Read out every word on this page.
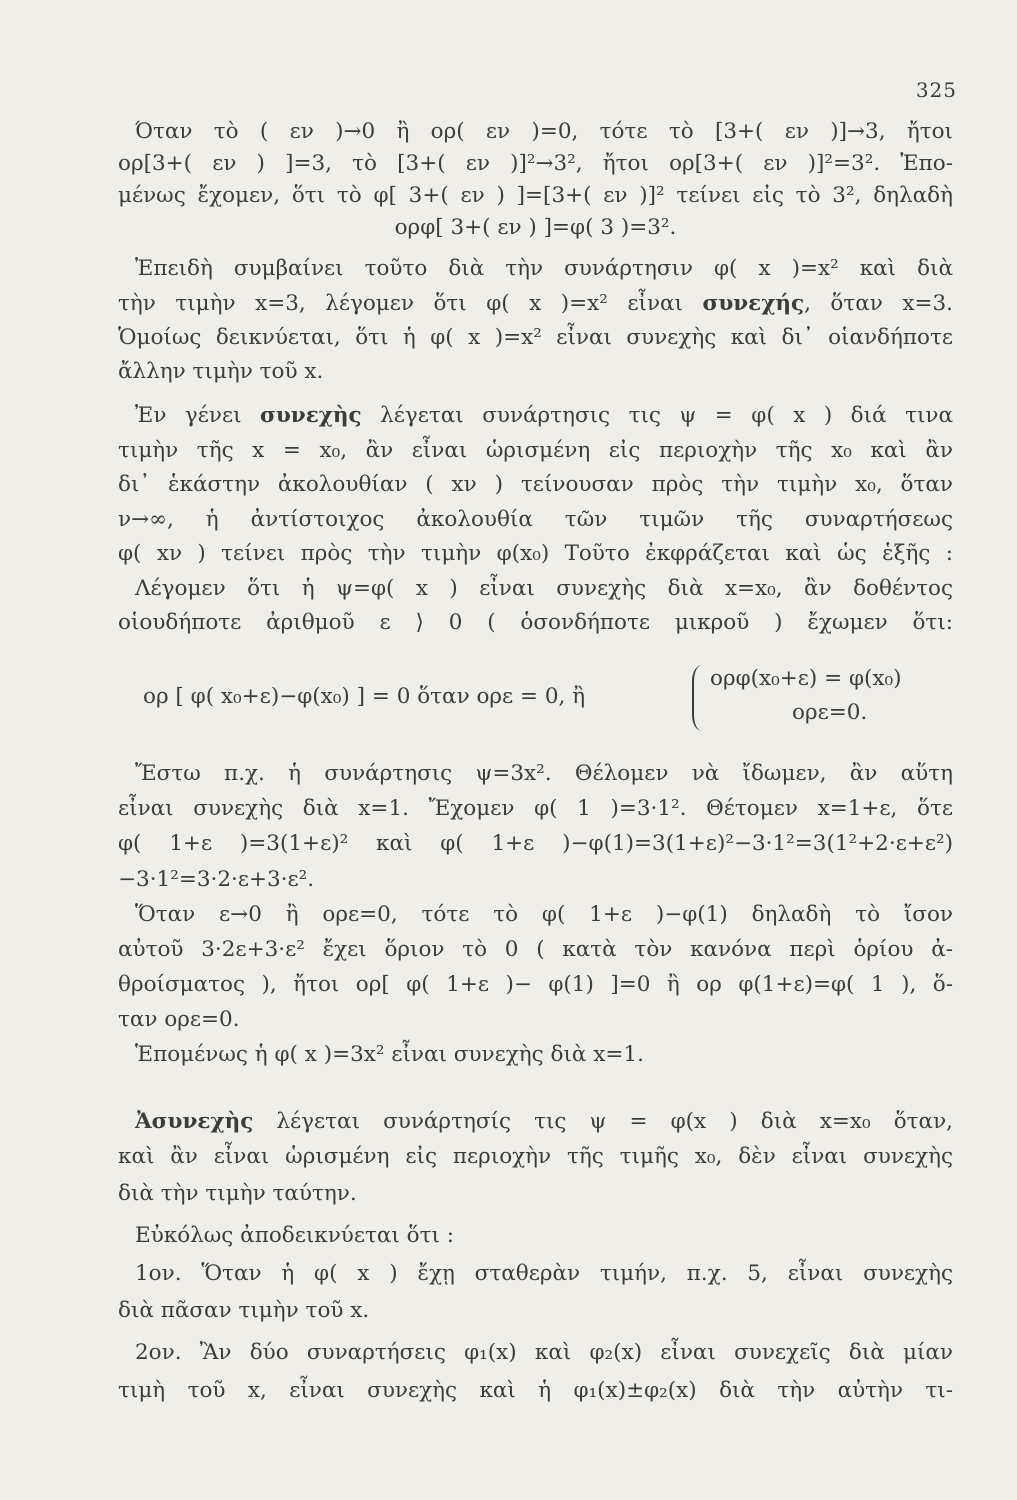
325
Όταν τὸ ( εν )→0 ἢ ορ( εν )=0, τότε τὸ [3+( εν )]→3, ἤτοι
ορ[3+( εν ) ]=3, τὸ [3+( εν )]²→3², ἤτοι ορ[3+( εν )]²=3². Ἐπο-
μένως ἔχομεν, ὅτι τὸ φ[ 3+( εν ) ]=[3+( εν )]² τείνει εἰς τὸ 3², δηλαδὴ
ορφ[ 3+( εν ) ]=φ( 3 )=3².
Ἐπειδὴ συμβαίνει τοῦτο διὰ τὴν συνάρτησιν φ( x )=x² καὶ διὰ
τὴν τιμὴν x=3, λέγομεν ὅτι φ( x )=x² εἶναι συνεχής, ὅταν x=3.
Ὁμοίως δεικνύεται, ὅτι ἡ φ( x )=x² εἶναι συνεχὴς καὶ δι᾽ οἱανδήποτε
ἄλλην τιμὴν τοῦ x.
Ἐν γένει συνεχὴς λέγεται συνάρτησις τις ψ = φ( x ) διά τινα
τιμὴν τῆς x = x₀, ἂν εἶναι ὡρισμένη εἰς περιοχὴν τῆς x₀ καὶ ἂν
δι᾽ ἑκάστην ἀκολουθίαν ( xν ) τείνουσαν πρὸς τὴν τιμὴν x₀, ὅταν
ν→∞, ἡ ἀντίστοιχος ἀκολουθία τῶν τιμῶν τῆς συναρτήσεως
φ( xν ) τείνει πρὸς τὴν τιμὴν φ(x₀) Τοῦτο ἐκφράζεται καὶ ὡς ἑξῆς :
Λέγομεν ὅτι ἡ ψ=φ( x ) εἶναι συνεχὴς διὰ x=x₀, ἂν δοθέντος
οἱουδήποτε ἀριθμοῦ ε ⟩ 0 ( ὁσονδήποτε μικροῦ ) ἔχωμεν ὅτι:
ορ [ φ( x₀+ε)−φ(x₀) ] = 0 ὅταν ορε = 0, ἢ
ορφ(x₀+ε) = φ(x₀)
ορε=0.
Ἔστω π.χ. ἡ συνάρτησις ψ=3x². Θέλομεν νὰ ἴδωμεν, ἂν αὕτη
εἶναι συνεχὴς διὰ x=1. Ἔχομεν φ( 1 )=3·1². Θέτομεν x=1+ε, ὅτε
φ( 1+ε )=3(1+ε)² καὶ φ( 1+ε )−φ(1)=3(1+ε)²−3·1²=3(1²+2·ε+ε²)
−3·1²=3·2·ε+3·ε².
Ὅταν ε→0 ἢ ορε=0, τότε τὸ φ( 1+ε )−φ(1) δηλαδὴ τὸ ἴσον
αὐτοῦ 3·2ε+3·ε² ἔχει ὅριον τὸ 0 ( κατὰ τὸν κανόνα περὶ ὁρίου ἀ-
θροίσματος ), ἤτοι ορ[ φ( 1+ε )− φ(1) ]=0 ἢ ορ φ(1+ε)=φ( 1 ), ὅ-
ταν ορε=0.
Ἑπομένως ἡ φ( x )=3x² εἶναι συνεχὴς διὰ x=1.
Ἀσυνεχὴς λέγεται συνάρτησίς τις ψ = φ(x ) διὰ x=x₀ ὅταν,
καὶ ἂν εἶναι ὡρισμένη εἰς περιοχὴν τῆς τιμῆς x₀, δὲν εἶναι συνεχὴς
διὰ τὴν τιμὴν ταύτην.
Εὐκόλως ἀποδεικνύεται ὅτι :
1ον. Ὅταν ἡ φ( x ) ἔχῃ σταθερὰν τιμήν, π.χ. 5, εἶναι συνεχὴς
διὰ πᾶσαν τιμὴν τοῦ x.
2ον. Ἂν δύο συναρτήσεις φ₁(x) καὶ φ₂(x) εἶναι συνεχεῖς διὰ μίαν
τιμὴ τοῦ x, εἶναι συνεχὴς καὶ ἡ φ₁(x)±φ₂(x) διὰ τὴν αὐτὴν τι-
